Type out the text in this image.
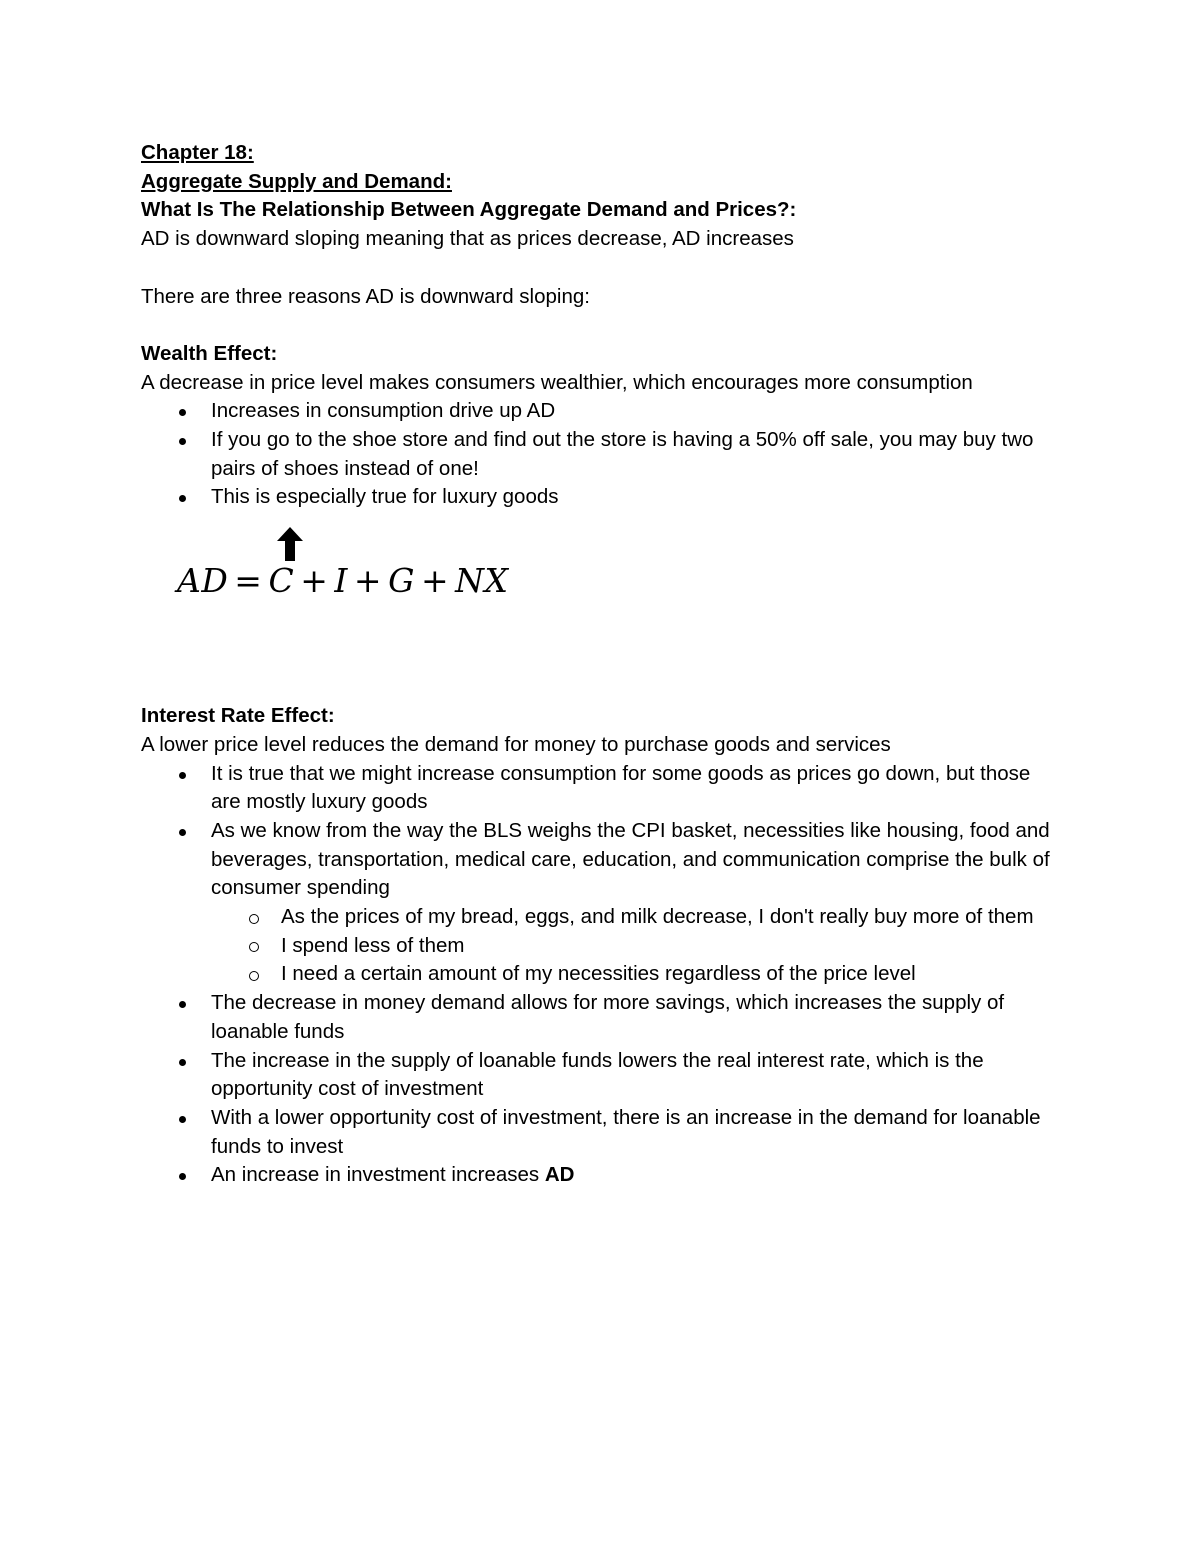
Chapter 18:

Aggregate Supply and Demand:

What Is The Relationship Between Aggregate Demand and Prices?:

AD is downward sloping meaning that as prices decrease, AD increases

There are three reasons AD is downward sloping:

Wealth Effect:

A decrease in price level makes consumers wealthier, which encourages more consumption

Increases in consumption drive up AD
If you go to the shoe store and find out the store is having a 50% off sale, you may buy two pairs of shoes instead of one!
This is especially true for luxury goods
AD = C + I + G + NX

Interest Rate Effect:

A lower price level reduces the demand for money to purchase goods and services

It is true that we might increase consumption for some goods as prices go down, but those are mostly luxury goods
As we know from the way the BLS weighs the CPI basket, necessities like housing, food and beverages, transportation, medical care, education, and communication comprise the bulk of consumer spending
As the prices of my bread, eggs, and milk decrease, I don't really buy more of them
I spend less of them
I need a certain amount of my necessities regardless of the price level
The decrease in money demand allows for more savings, which increases the supply of loanable funds
The increase in the supply of loanable funds lowers the real interest rate, which is the opportunity cost of investment
With a lower opportunity cost of investment, there is an increase in the demand for loanable funds to invest
An increase in investment increases AD
